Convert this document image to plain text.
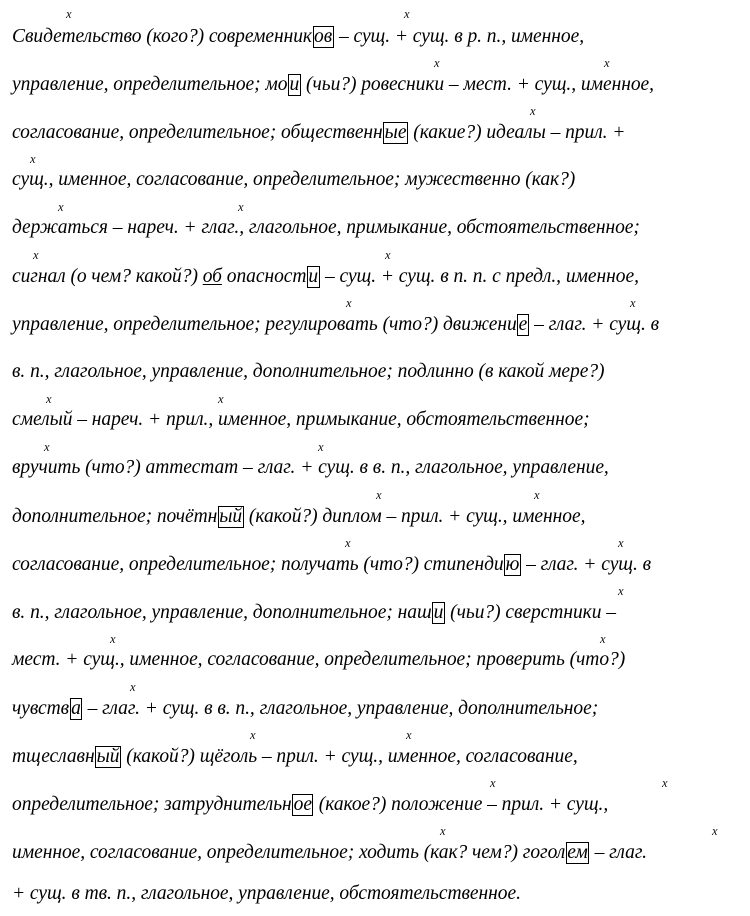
Свидетельство (кого?) современник ов – сущ. + сущ. в р. п., именное,
управление, определительное; мо и (чьи?) ровесники – мест. + сущ., именное,
согласование, определительное; общественн ые (какие?) идеалы – прил. +
сущ., именное, согласование, определительное; мужественно (как?)
держаться – нареч. + глаг., глагольное, примыкание, обстоятельственное;
сигнал (о чем? какой?) об опасност и – сущ. + сущ. в п. п. с предл., именное,
управление, определительное; регулировать (что?) движени е – глаг. + сущ. в
в. п., глагольное, управление, дополнительное; подлинно (в какой мере?)
смелый – нареч. + прил., именное, примыкание, обстоятельственное;
вручить (что?) аттестат – глаг. + сущ. в в. п., глагольное, управление,
дополнительное; почётн ый (какой?) диплом – прил. + сущ., именное,
согласование, определительное; получать (что?) стипенди ю – глаг. + сущ. в
в. п., глагольное, управление, дополнительное; наш и (чьи?) сверстники –
мест. + сущ., именное, согласование, определительное; проверить (что?)
чувств а – глаг. + сущ. в в. п., глагольное, управление, дополнительное;
тщеславн ый (какой?) щёголь – прил. + сущ., именное, согласование,
определительное; затруднительн ое (какое?) положение – прил. + сущ.,
именное, согласование, определительное; ходить (как? чем?) гогол ем – глаг.
+ сущ. в тв. п., глагольное, управление, обстоятельственное.
x	x
x	x
x
x
x	x
x	x
x	x
x	x
x	x
x	x
x	x
x
x	x
x
x	x
x	x
x	x
